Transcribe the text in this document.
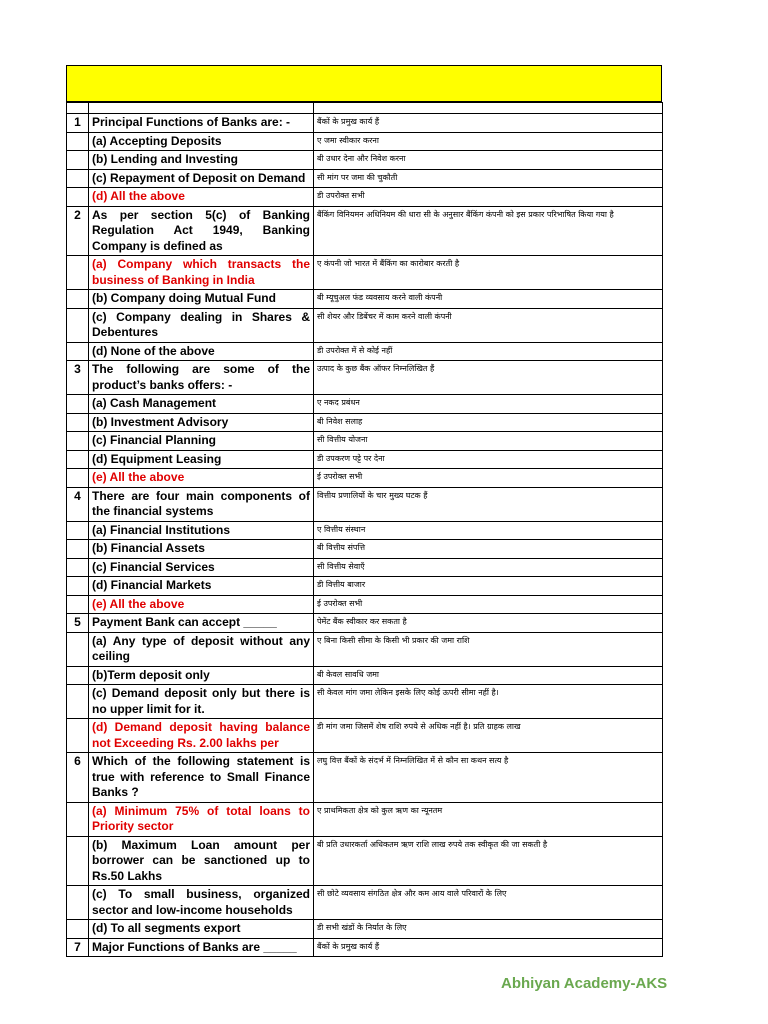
1	Principal Functions of Banks are: -	बैंकों के प्रमुख कार्य हैं
	(a) Accepting Deposits	ए जमा स्वीकार करना
	(b) Lending and Investing	बी उधार देना और निवेश करना
	(c) Repayment of Deposit on Demand	सी मांग पर जमा की चुकौती
	(d) All the above	डी उपरोक्त सभी
2	As per section 5(c) of Banking Regulation Act 1949, Banking Company is defined as	बैंकिंग विनियमन अधिनियम की धारा सी के अनुसार बैंकिंग कंपनी को इस प्रकार परिभाषित किया गया है
	(a) Company which transacts the business of Banking in India	ए कंपनी जो भारत में बैंकिंग का कारोबार करती है
	(b) Company doing Mutual Fund	बी म्यूचुअल फंड व्यवसाय करने वाली कंपनी
	(c) Company dealing in Shares & Debentures	सी शेयर और डिबेंचर में काम करने वाली कंपनी
	(d) None of the above	डी उपरोक्त में से कोई नहीं
3	The following are some of the product’s banks offers: -	उत्पाद के कुछ बैंक ऑफर निम्नलिखित हैं
	(a) Cash Management	ए नकद प्रबंधन
	(b) Investment Advisory	बी निवेश सलाह
	(c) Financial Planning	सी वित्तीय योजना
	(d) Equipment Leasing	डी उपकरण पट्टे पर देना
	(e) All the above	ई उपरोक्त सभी
4	There are four main components of the financial systems	वित्तीय प्रणालियों के चार मुख्य घटक हैं
	(a) Financial Institutions	ए वित्तीय संस्थान
	(b) Financial Assets	बी वित्तीय संपत्ति
	(c) Financial Services	सी वित्तीय सेवाएँ
	(d) Financial Markets	डी वित्तीय बाजार
	(e) All the above	ई उपरोक्त सभी
5	Payment Bank can accept _____	पेमेंट बैंक स्वीकार कर सकता है
	(a) Any type of deposit without any ceiling	ए बिना किसी सीमा के किसी भी प्रकार की जमा राशि
	(b)Term deposit only	बी केवल सावधि जमा
	(c) Demand deposit only but there is no upper limit for it.	सी केवल मांग जमा लेकिन इसके लिए कोई ऊपरी सीमा नहीं है।
	(d) Demand deposit having balance not Exceeding Rs. 2.00 lakhs per	डी मांग जमा जिसमें शेष राशि रुपये से अधिक नहीं है। प्रति ग्राहक लाख
6	Which of the following statement is true with reference to Small Finance Banks ?	लघु वित्त बैंकों के संदर्भ में निम्नलिखित में से कौन सा कथन सत्य है
	(a) Minimum 75% of total loans to Priority sector	ए प्राथमिकता क्षेत्र को कुल ऋण का न्यूनतम
	(b) Maximum Loan amount per borrower can be sanctioned up to Rs.50 Lakhs	बी प्रति उधारकर्ता अधिकतम ऋण राशि लाख रुपये तक स्वीकृत की जा सकती है
	(c) To small business, organized sector and low-income households	सी छोटे व्यवसाय संगठित क्षेत्र और कम आय वाले परिवारों के लिए
	(d) To all segments export	डी सभी खंडों के निर्यात के लिए
7	Major Functions of Banks are _____	बैंकों के प्रमुख कार्य हैं
Abhiyan Academy-AKS
